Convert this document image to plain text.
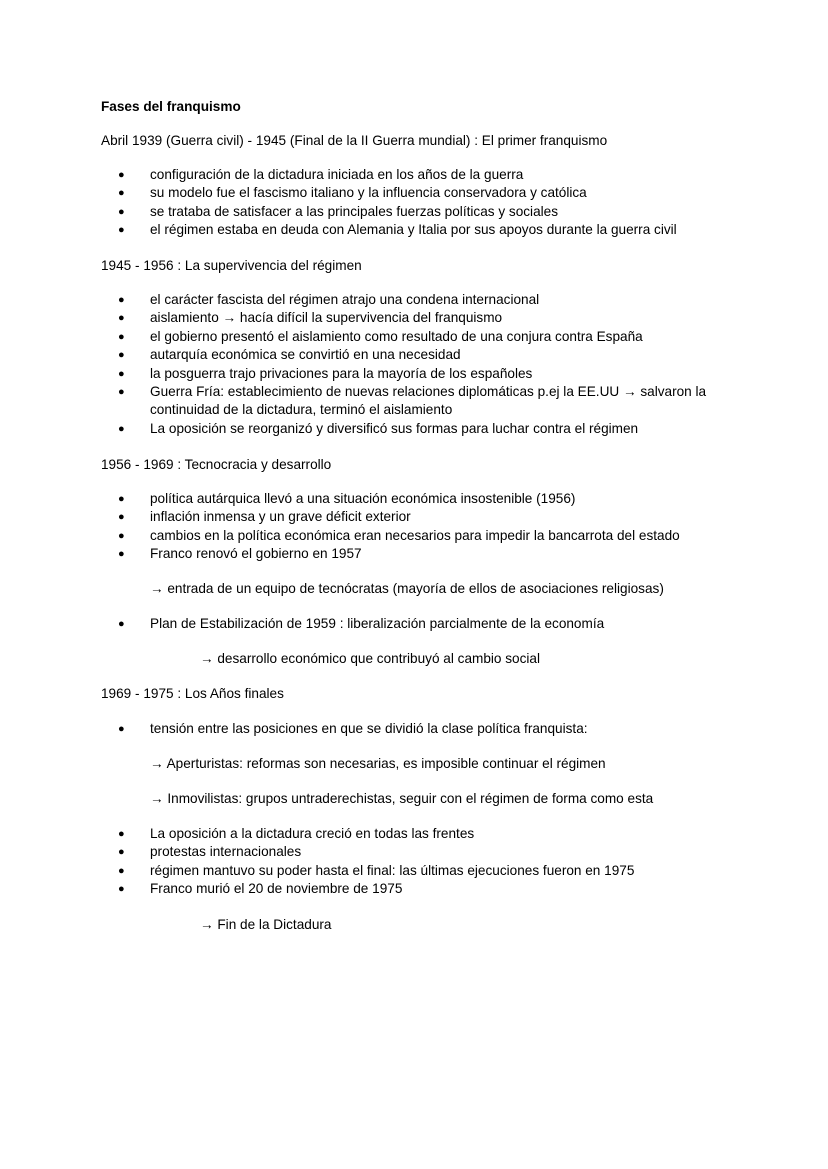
Fases del franquismo
Abril 1939 (Guerra civil) - 1945 (Final de la II Guerra mundial) : El primer franquismo
● configuración de la dictadura iniciada en los años de la guerra
● su modelo fue el fascismo italiano y la influencia conservadora y católica
● se trataba de satisfacer a las principales fuerzas políticas y sociales
● el régimen estaba en deuda con Alemania y Italia por sus apoyos durante la guerra civil
1945 - 1956 : La supervivencia del régimen
● el carácter fascista del régimen atrajo una condena internacional
● aislamiento → hacía difícil la supervivencia del franquismo
● el gobierno presentó el aislamiento como resultado de una conjura contra España
● autarquía económica se convirtió en una necesidad
● la posguerra trajo privaciones para la mayoría de los españoles
● Guerra Fría: establecimiento de nuevas relaciones diplomáticas p.ej la EE.UU → salvaron la continuidad de la dictadura, terminó el aislamiento
● La oposición se reorganizó y diversificó sus formas para luchar contra el régimen
1956 - 1969 : Tecnocracia y desarrollo
● política autárquica llevó a una situación económica insostenible (1956)
● inflación inmensa y un grave déficit exterior
● cambios en la política económica eran necesarios para impedir la bancarrota del estado
● Franco renovó el gobierno en 1957
→ entrada de un equipo de tecnócratas (mayoría de ellos de asociaciones religiosas)
● Plan de Estabilización de 1959 : liberalización parcialmente de la economía
→ desarrollo económico que contribuyó al cambio social
1969 - 1975 : Los Años finales
● tensión entre las posiciones en que se dividió la clase política franquista:
→ Aperturistas: reformas son necesarias, es imposible continuar el régimen
→ Inmovilistas: grupos untraderechistas, seguir con el régimen de forma como esta
● La oposición a la dictadura creció en todas las frentes
● protestas internacionales
● régimen mantuvo su poder hasta el final: las últimas ejecuciones fueron en 1975
● Franco murió el 20 de noviembre de 1975
→ Fin de la Dictadura
